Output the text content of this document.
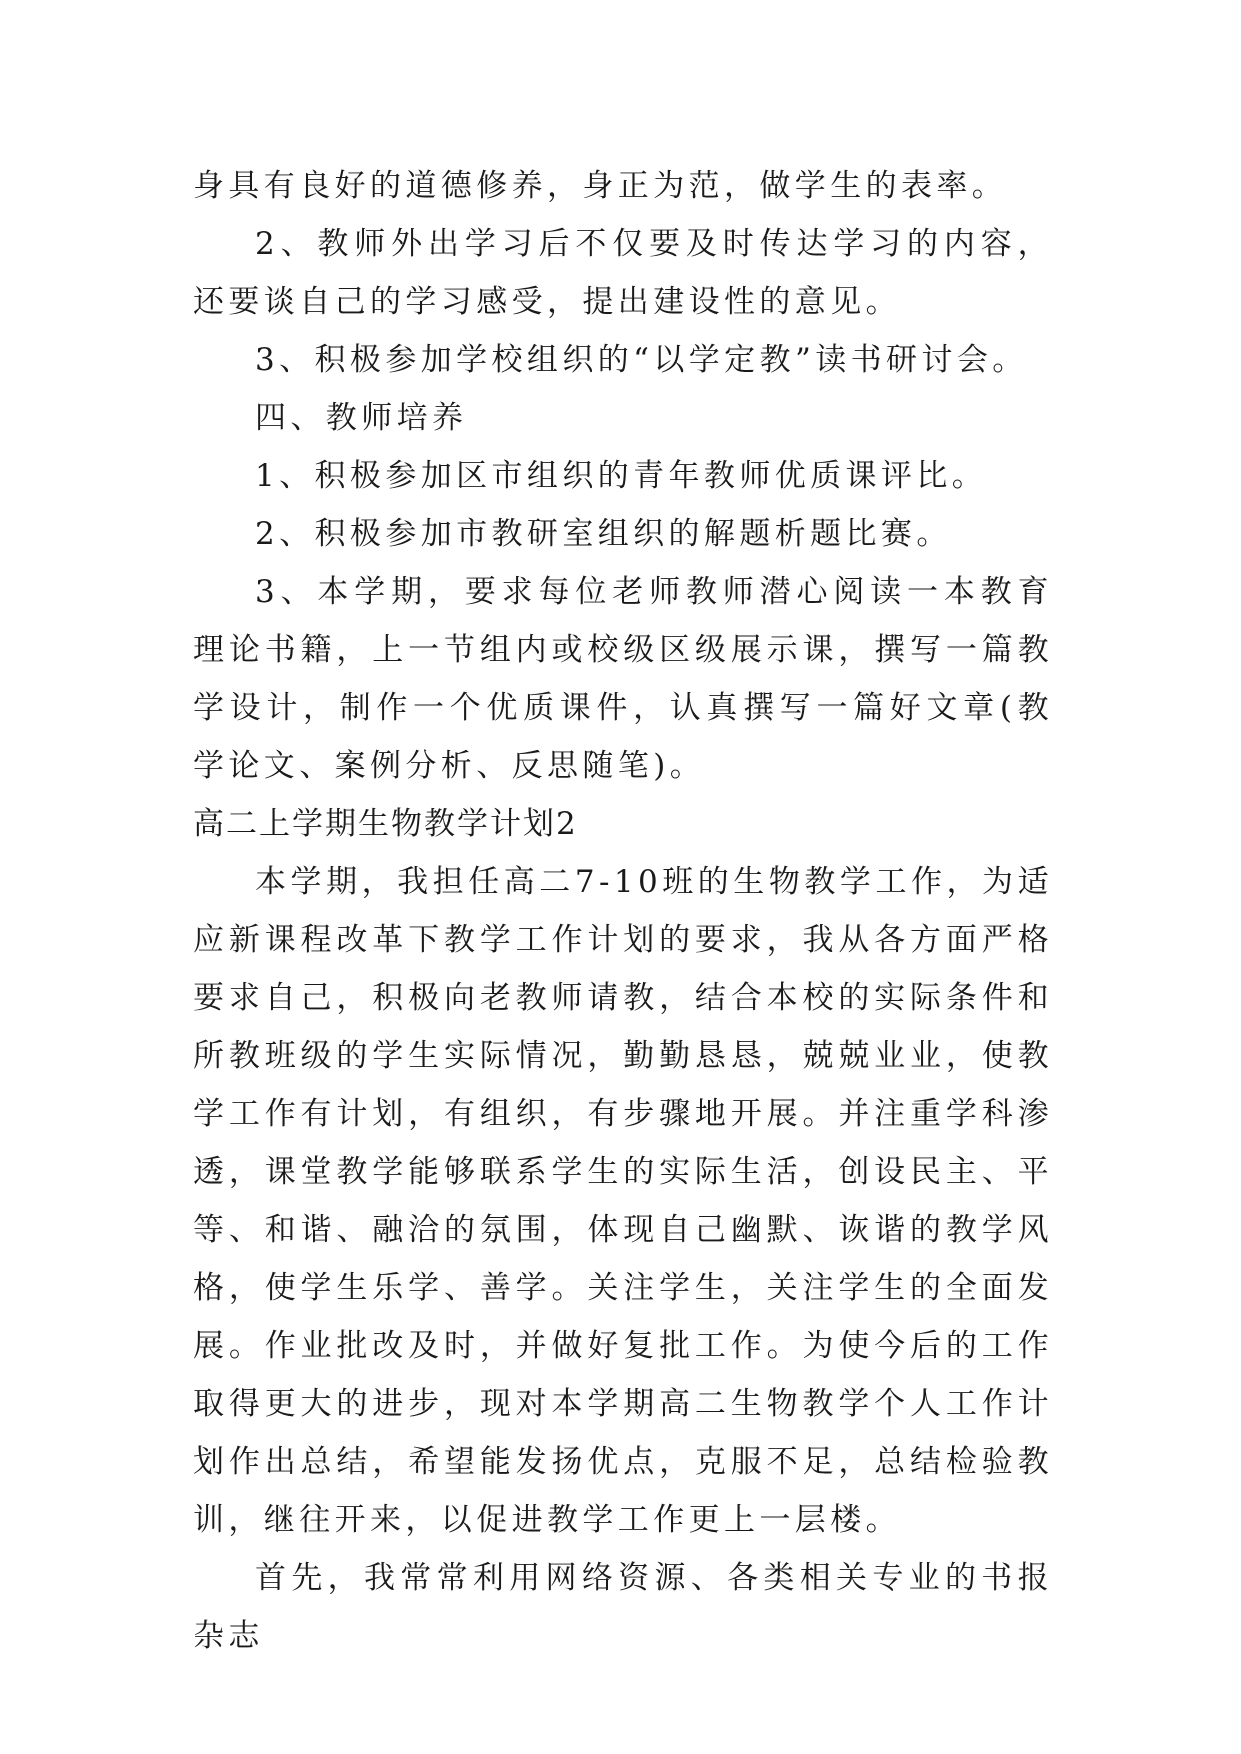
身具有良好的道德修养，身正为范，做学生的表率。

2、教师外出学习后不仅要及时传达学习的内容，还要谈自己的学习感受，提出建设性的意见。

3、积极参加学校组织的“以学定教”读书研讨会。

四、教师培养

1、积极参加区市组织的青年教师优质课评比。

2、积极参加市教研室组织的解题析题比赛。

3、本学期，要求每位老师教师潜心阅读一本教育理论书籍，上一节组内或校级区级展示课，撰写一篇教学设计，制作一个优质课件，认真撰写一篇好文章(教学论文、案例分析、反思随笔)。

高二上学期生物教学计划2

本学期，我担任高二7-10班的生物教学工作，为适应新课程改革下教学工作计划的要求，我从各方面严格要求自己，积极向老教师请教，结合本校的实际条件和所教班级的学生实际情况，勤勤恳恳，兢兢业业，使教学工作有计划，有组织，有步骤地开展。并注重学科渗透，课堂教学能够联系学生的实际生活，创设民主、平等、和谐、融洽的氛围，体现自己幽默、诙谐的教学风格，使学生乐学、善学。关注学生，关注学生的全面发展。作业批改及时，并做好复批工作。为使今后的工作取得更大的进步，现对本学期高二生物教学个人工作计划作出总结，希望能发扬优点，克服不足，总结检验教训，继往开来，以促进教学工作更上一层楼。

首先，我常常利用网络资源、各类相关专业的书报杂志
